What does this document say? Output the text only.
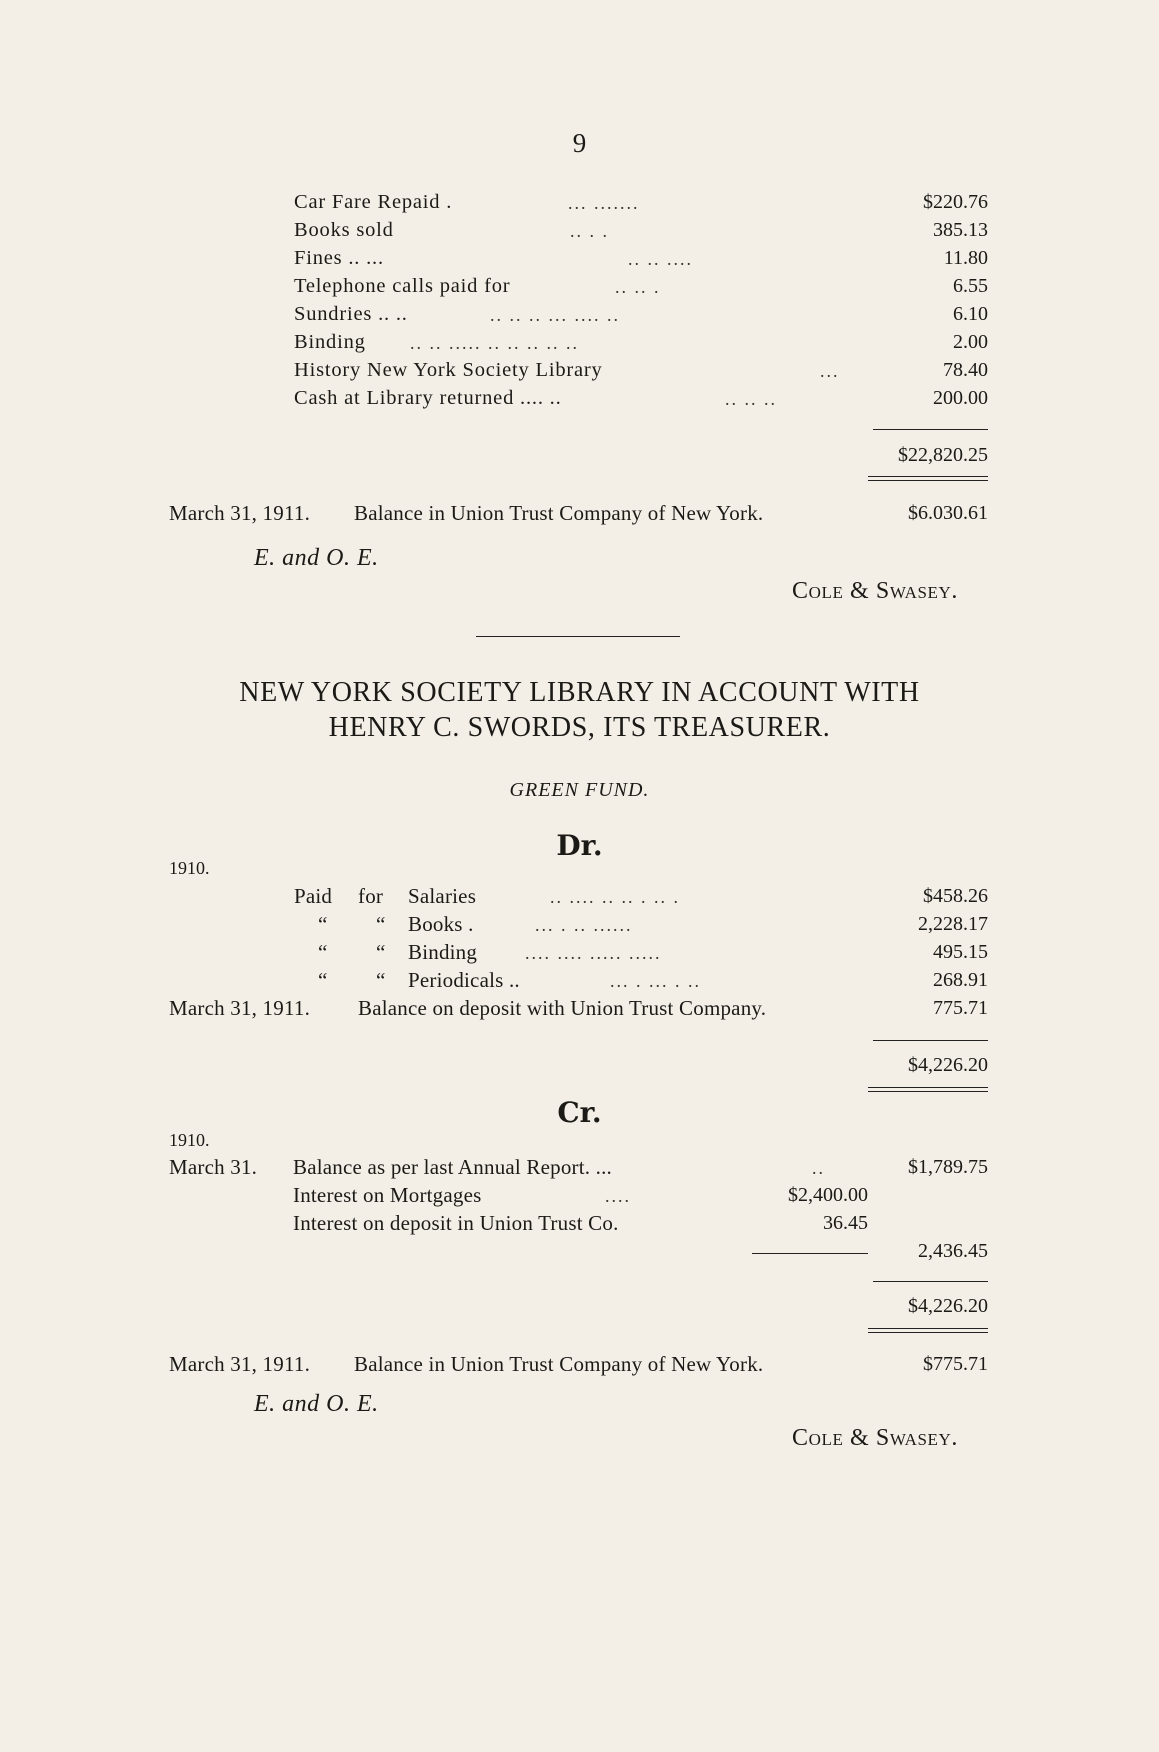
9
Car Fare Repaid .	... .......	$220.76
Books sold	.. . .	385.13
Fines .. ...	.. .. ....	11.80
Telephone calls paid for	.. .. .	6.55
Sundries .. ..	.. .. .. ... .... ..	6.10
Binding .. .. ..... .. .. .. .. ..	2.00
History New York Society Library	...	78.40
Cash at Library returned .... ..	.. .. ..	200.00
$22,820.25
March 31, 1911. Balance in Union Trust Company of New York.	$6.030.61
E. and O. E.
Cole & Swasey.
NEW YORK SOCIETY LIBRARY IN ACCOUNT WITH
HENRY C. SWORDS, ITS TREASURER.
GREEN FUND.
Dr.
1910.
Paid for Salaries	.. .... .. .. . .. .	$458.26
“ “ Books .	... . .. ......	2,228.17
“ “ Binding	.... .... ..... .....	495.15
“ “ Periodicals ..	... . ... . ..	268.91
March 31, 1911. Balance on deposit with Union Trust Company.	775.71
$4,226.20
Cr.
1910.
March 31. Balance as per last Annual Report. ...	..	$1,789.75
Interest on Mortgages	....	$2,400.00
Interest on deposit in Union Trust Co.	36.45
2,436.45
$4,226.20
March 31, 1911. Balance in Union Trust Company of New York.	$775.71
E. and O. E.
Cole & Swasey.
